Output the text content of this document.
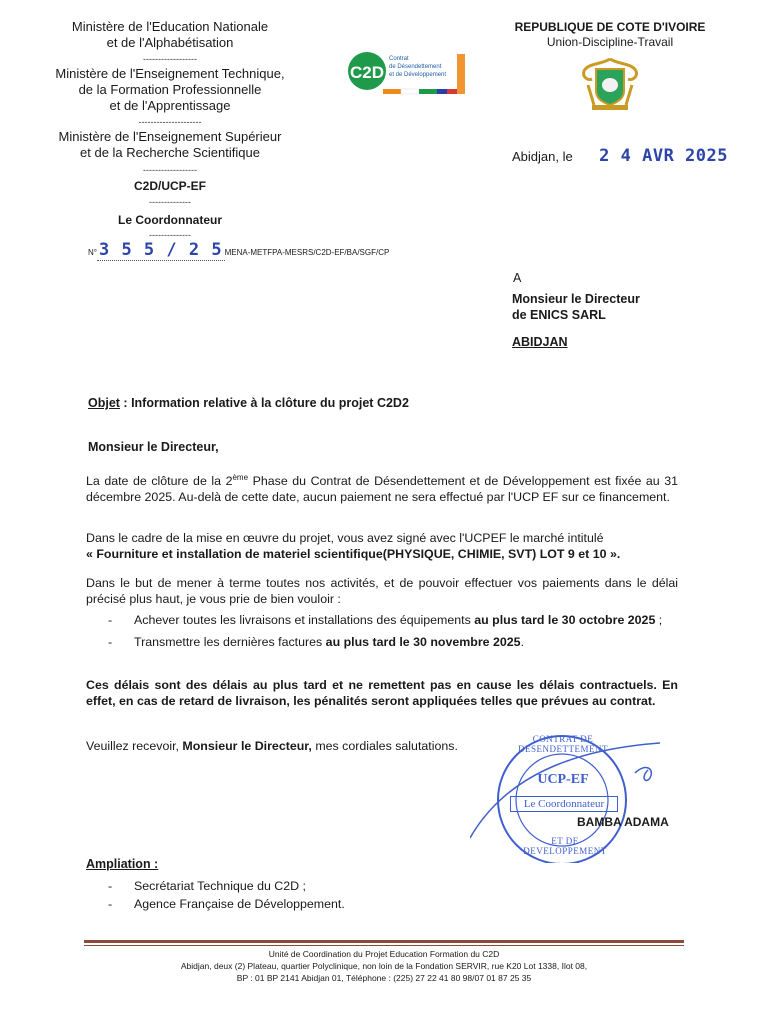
Ministère de l'Education Nationale
et de l'Alphabétisation
------------------
Ministère de l'Enseignement Technique,
de la Formation Professionnelle
et de l'Apprentissage
---------------------
Ministère de l'Enseignement Supérieur
et de la Recherche Scientifique
------------------
C2D/UCP-EF
--------------
Le Coordonnateur
--------------
N° 3 5 5 / 2 5 MENA-METFPA-MESRS/C2D-EF/BA/SGF/CP
C2D
Contrat
de Désendettement
et de Développement
REPUBLIQUE DE COTE D'IVOIRE
Union-Discipline-Travail
Abidjan, le 2 4 AVR 2025
A
Monsieur le Directeur
de ENICS SARL
ABIDJAN
Objet : Information relative à la clôture du projet C2D2
Monsieur le Directeur,
La date de clôture de la 2ème Phase du Contrat de Désendettement et de Développement est fixée au 31 décembre 2025. Au-delà de cette date, aucun paiement ne sera effectué par l'UCP EF sur ce financement.
Dans le cadre de la mise en œuvre du projet, vous avez signé avec l'UCPEF le marché intitulé
« Fourniture et installation de materiel scientifique(PHYSIQUE, CHIMIE, SVT) LOT 9 et 10 ».
Dans le but de mener à terme toutes nos activités, et de pouvoir effectuer vos paiements dans le délai précisé plus haut, je vous prie de bien vouloir :
- Achever toutes les livraisons et installations des équipements au plus tard le 30 octobre 2025 ;
- Transmettre les dernières factures au plus tard le 30 novembre 2025.
Ces délais sont des délais au plus tard et ne remettent pas en cause les délais contractuels. En effet, en cas de retard de livraison, les pénalités seront appliquées telles que prévues au contrat.
Veuillez recevoir, Monsieur le Directeur, mes cordiales salutations.	CONTRAT DE DESENDETTEMENT
UCP-EF
Le Coordonnateur
ET DE DEVELOPPEMENT
BAMBA ADAMA
Ampliation :
- Secrétariat Technique du C2D ;
- Agence Française de Développement.
Unité de Coordination du Projet Education Formation du C2D
Abidjan, deux (2) Plateau, quartier Polyclinique, non loin de la Fondation SERVIR, rue K20 Lot 1338, Ilot 08,
BP : 01 BP 2141 Abidjan 01, Téléphone : (225) 27 22 41 80 98/07 01 87 25 35
